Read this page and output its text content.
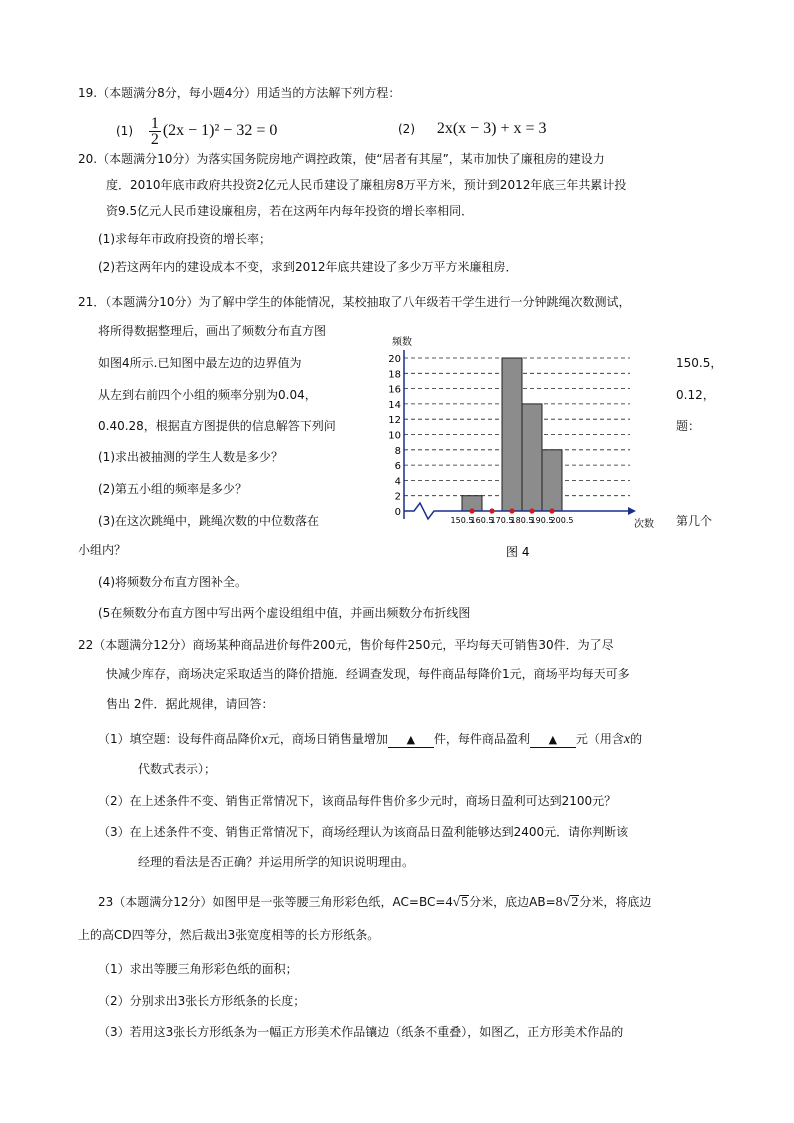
19.（本题满分8分，每小题4分）用适当的方法解下列方程：
$(1) \frac{1}{2} (2x - 1)^2 - 32 = 0$	(2) 2x(x − 3) + x = 3
20.（本题满分10分）为落实国务院房地产调控政策，使“居者有其屋”，某市加快了廉租房的建设力
度．2010年底市政府共投资2亿元人民币建设了廉租房8万平方米，预计到2012年底三年共累计投
资9.5亿元人民币建设廉租房，若在这两年内每年投资的增长率相同．
(1)求每年市政府投资的增长率；
(2)若这两年内的建设成本不变，求到2012年底共建设了多少万平方米廉租房．
21．（本题满分10分）为了解中学生的体能情况，某校抽取了八年级若干学生进行一分钟跳绳次数测试，
将所得数据整理后，画出了频数分布直方图
如图4所示.已知图中最左边的边界值为	150.5，
从左到右前四个小组的频率分别为0.04，	0.12，
0.40.28，根据直方图提供的信息解答下列问	题：
(1)求出被抽测的学生人数是多少？
(2)第五小组的频率是多少？
(3)在这次跳绳中，跳绳次数的中位数落在	第几个
小组内？
(4)将频数分布直方图补全。
(5在频数分布直方图中写出两个虚设组组中值，并画出频数分布折线图
0
2
4
6
8
10
12
14
16
18
20
150.5
160.5
170.5
180.5
190.5
200.5
频数
次数
图 4
22（本题满分12分）商场某种商品进价每件200元，售价每件250元，平均每天可销售30件．为了尽
快减少库存，商场决定采取适当的降价措施．经调查发现，每件商品每降价1元，商场平均每天可多
售出 2件．据此规律，请回答：
（1）填空题：设每件商品降价x元，商场日销售量增加 ▲ 件，每件商品盈利 ▲ 元（用含x的
代数式表示）；
（2）在上述条件不变、销售正常情况下，该商品每件售价多少元时，商场日盈利可达到2100元？
（3）在上述条件不变、销售正常情况下，商场经理认为该商品日盈利能够达到2400元．请你判断该
经理的看法是否正确？并运用所学的知识说明理由。
23（本题满分12分）如图甲是一张等腰三角形彩色纸，AC=BC=4√5分米，底边AB=8√2分米，将底边
上的高CD四等分，然后裁出3张宽度相等的长方形纸条。
（1）求出等腰三角形彩色纸的面积；
（2）分别求出3张长方形纸条的长度；
（3）若用这3张长方形纸条为一幅正方形美术作品镶边（纸条不重叠），如图乙，正方形美术作品的
